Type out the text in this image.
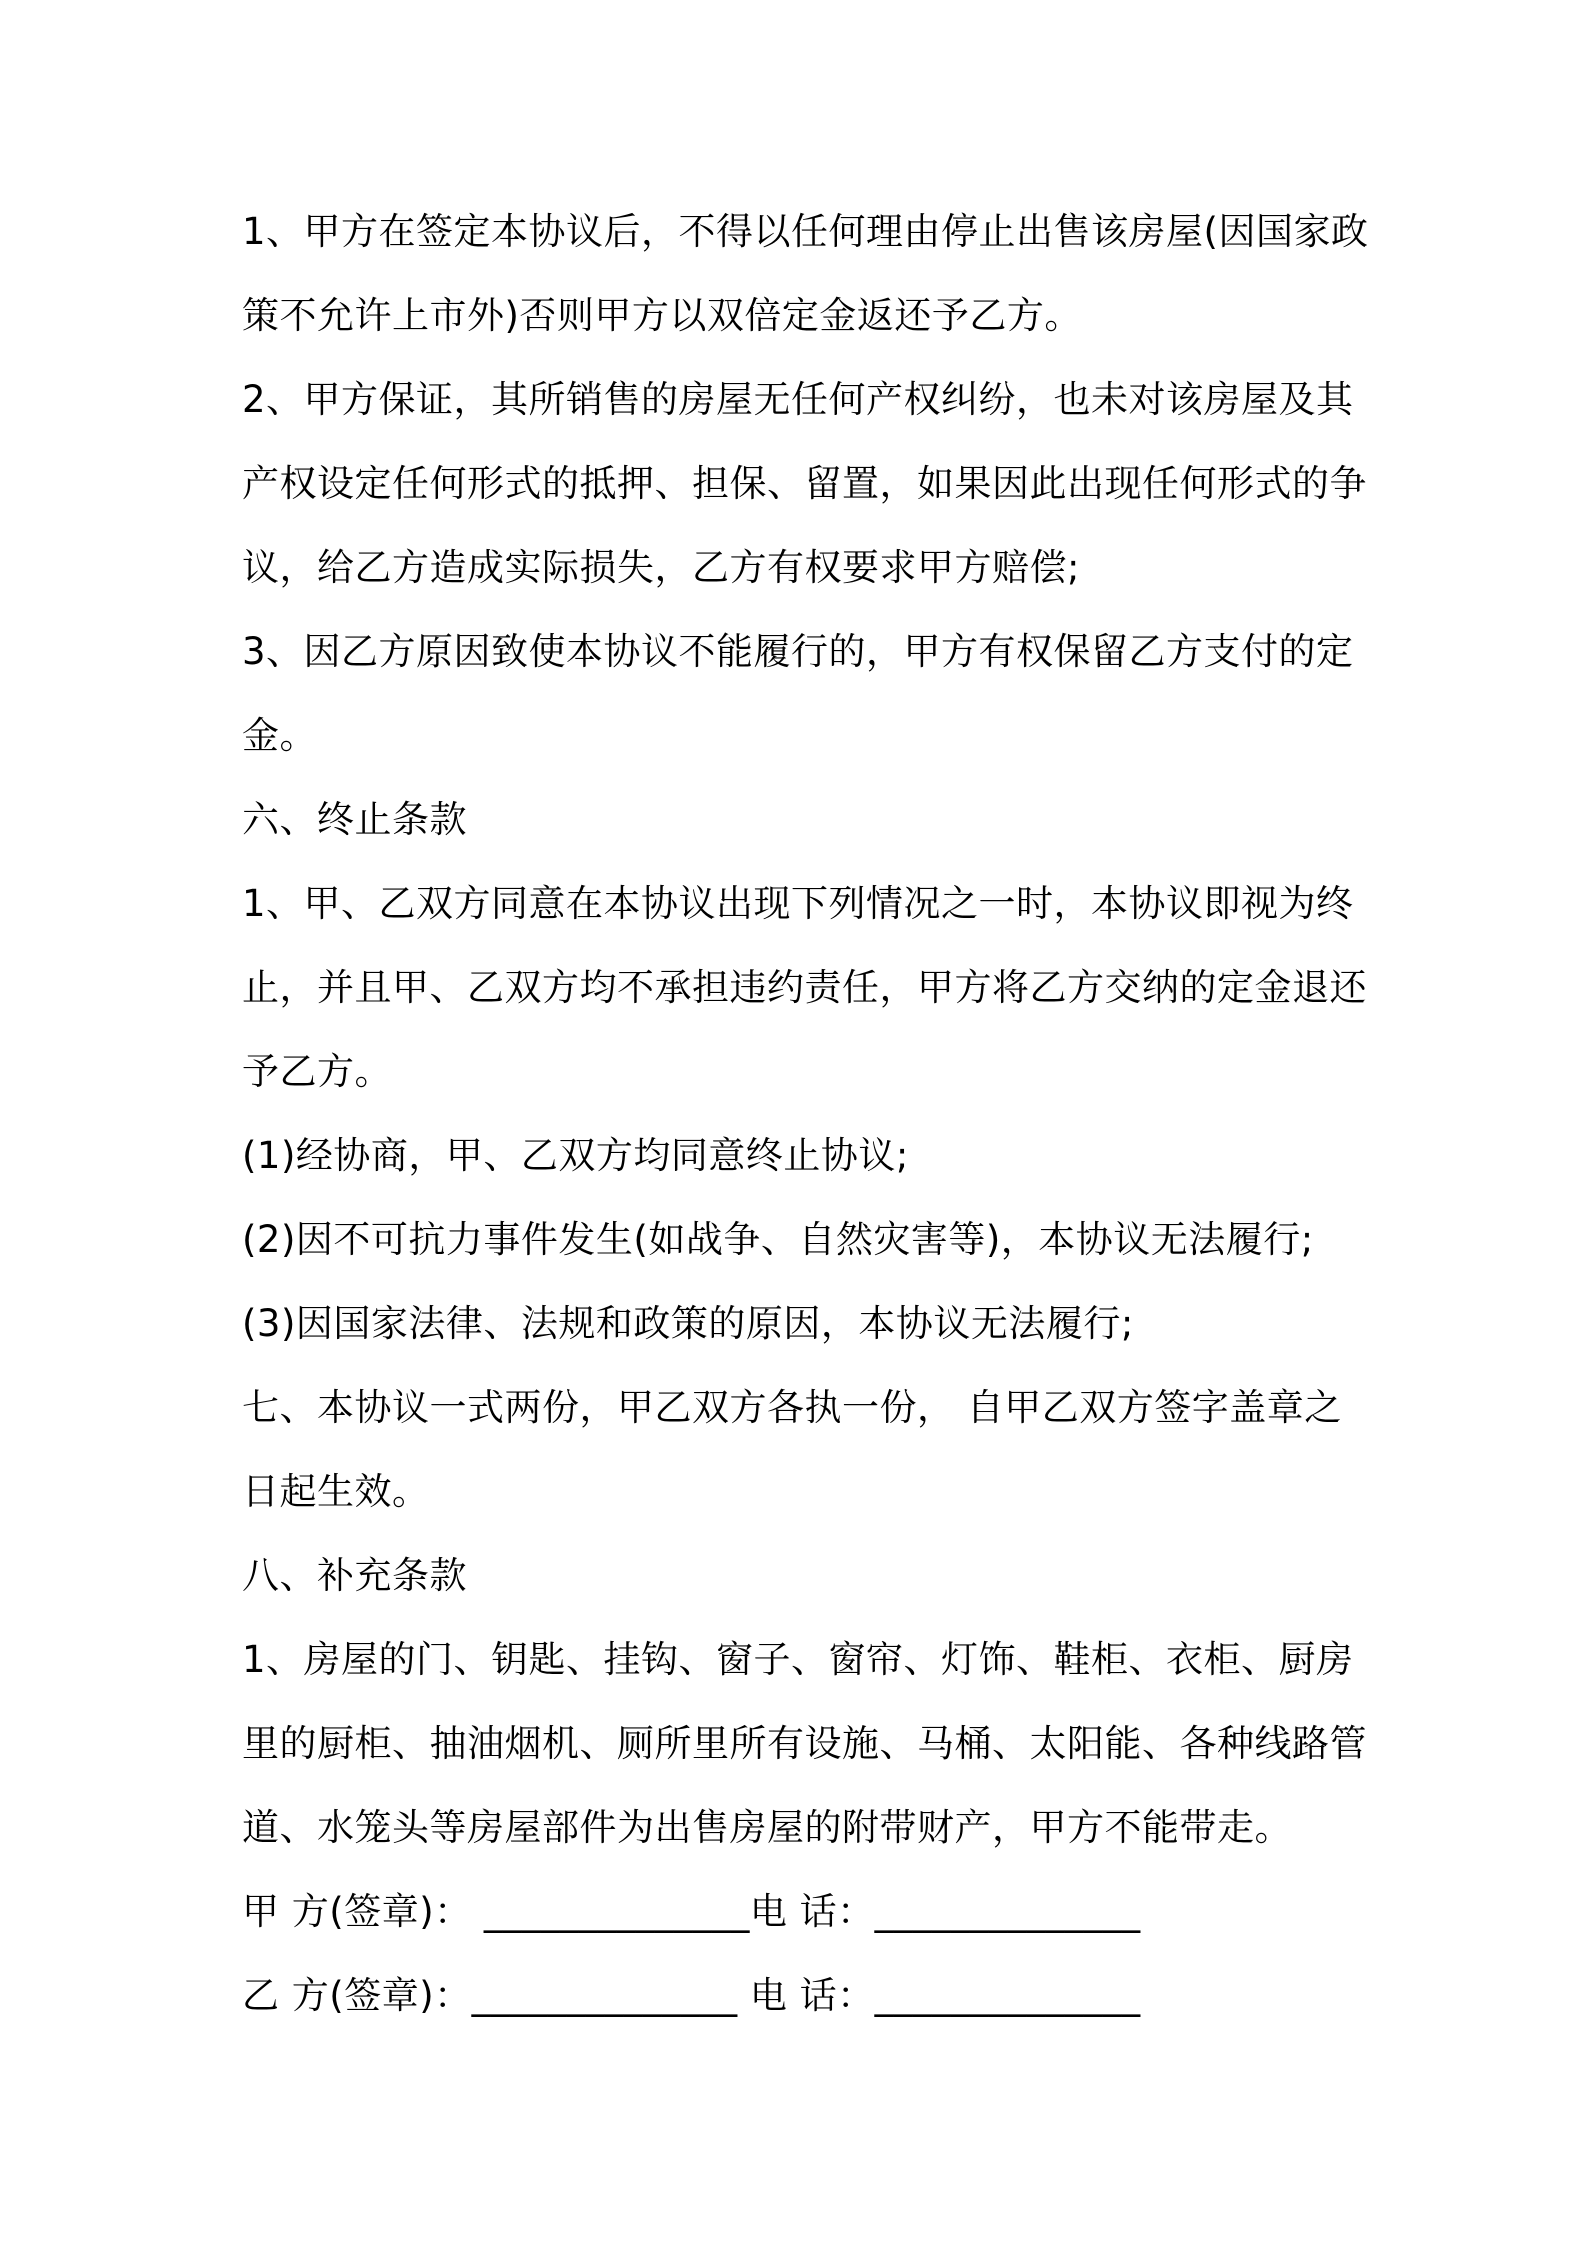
1、甲方在签定本协议后，不得以任何理由停止出售该房屋(因国家政
策不允许上市外)否则甲方以双倍定金返还予乙方。
2、甲方保证，其所销售的房屋无任何产权纠纷，也未对该房屋及其
产权设定任何形式的抵押、担保、留置，如果因此出现任何形式的争
议，给乙方造成实际损失，乙方有权要求甲方赔偿;
3、因乙方原因致使本协议不能履行的，甲方有权保留乙方支付的定
金。
六、终止条款
1、甲、乙双方同意在本协议出现下列情况之一时，本协议即视为终
止，并且甲、乙双方均不承担违约责任，甲方将乙方交纳的定金退还
予乙方。
(1)经协商，甲、乙双方均同意终止协议;
(2)因不可抗力事件发生(如战争、自然灾害等)，本协议无法履行;
(3)因国家法律、法规和政策的原因，本协议无法履行;
七、本协议一式两份，甲乙双方各执一份， 自甲乙双方签字盖章之
日起生效。
八、补充条款
1、房屋的门、钥匙、挂钩、窗子、窗帘、灯饰、鞋柜、衣柜、厨房
里的厨柜、抽油烟机、厕所里所有设施、马桶、太阳能、各种线路管
道、水笼头等房屋部件为出售房屋的附带财产，甲方不能带走。
甲 方(签章)： ______________ 电 话： ______________
乙 方(签章)： ______________ 电 话： ______________
